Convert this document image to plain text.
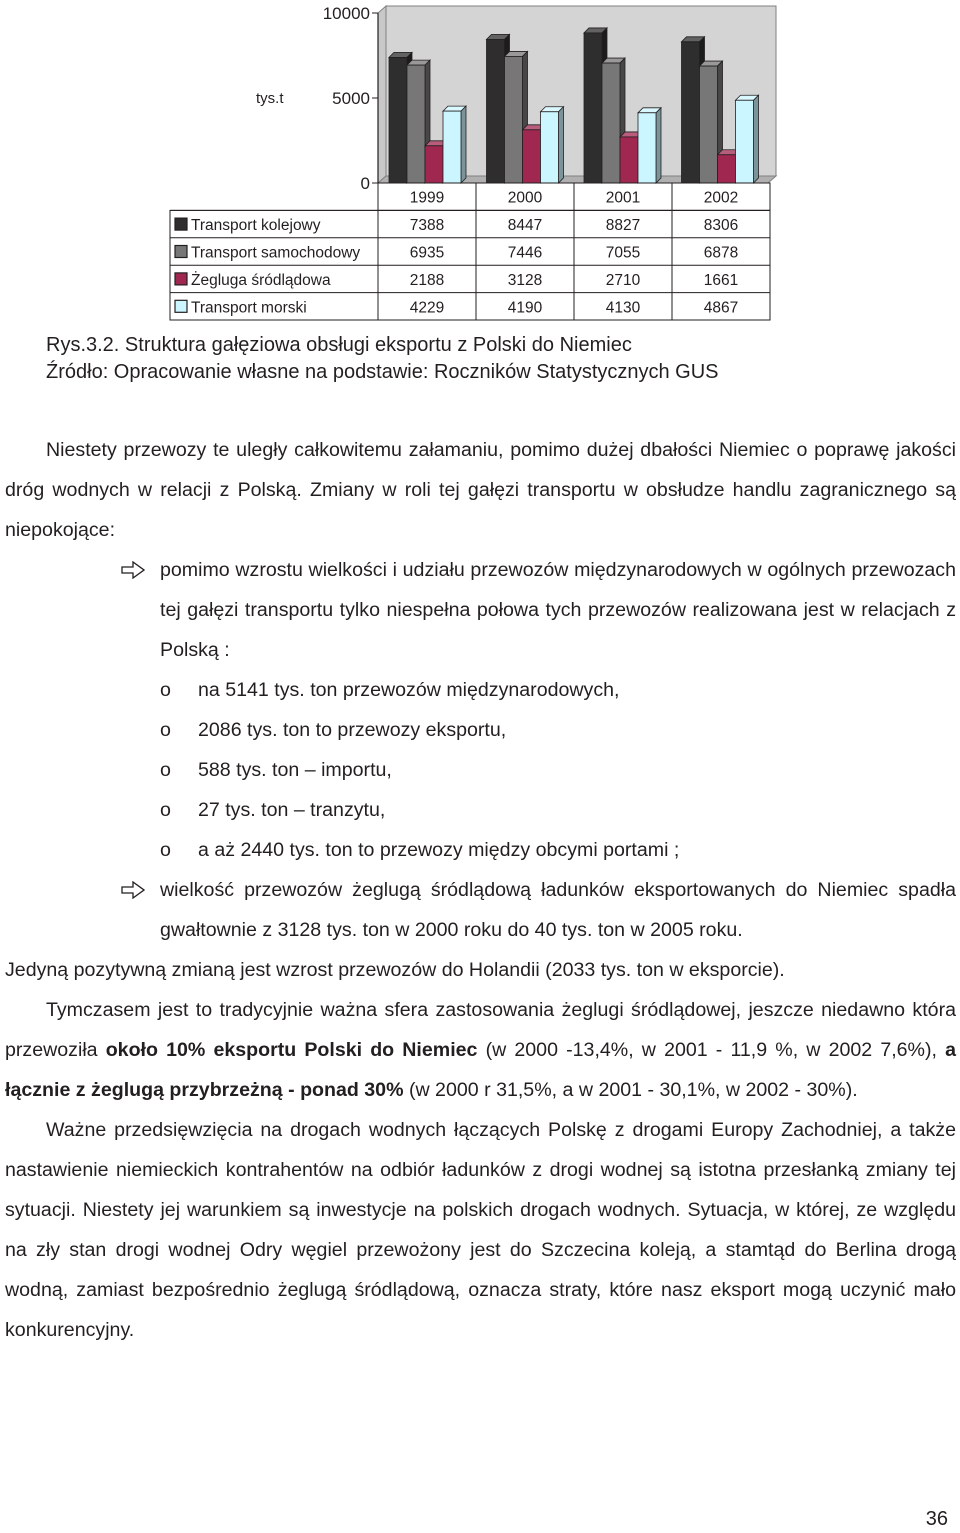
tys.t
10000
5000
0
1999	2000	2001	2002
Transport kolejowy	7388	8447	8827	8306
Transport samochodowy	6935	7446	7055	6878
Żegluga śródlądowa	2188	3128	2710	1661
Transport morski	4229	4190	4130	4867
Rys.3.2. Struktura gałęziowa obsługi eksportu z Polski do Niemiec
Źródło: Opracowanie własne na podstawie: Roczników Statystycznych GUS

Niestety przewozy te uległy całkowitemu załamaniu, pomimo dużej dbałości Niemiec o poprawę jakości dróg wodnych w relacji z Polską. Zmiany w roli tej gałęzi transportu w obsłudze handlu zagranicznego są niepokojące:

pomimo wzrostu wielkości i udziału przewozów międzynarodowych w ogólnych przewozach tej gałęzi transportu tylko niespełna połowa tych przewozów realizowana jest w relacjach z Polską :

o na 5141 tys. ton przewozów międzynarodowych,

o 2086 tys. ton to przewozy eksportu,

o 588 tys. ton – importu,

o 27 tys. ton – tranzytu,

o a aż 2440 tys. ton to przewozy między obcymi portami ;

wielkość przewozów żeglugą śródlądową ładunków eksportowanych do Niemiec spadła gwałtownie z 3128 tys. ton w 2000 roku do 40 tys. ton w 2005 roku.

Jedyną pozytywną zmianą jest wzrost przewozów do Holandii (2033 tys. ton w eksporcie).

Tymczasem jest to tradycyjnie ważna sfera zastosowania żeglugi śródlądowej, jeszcze niedawno która przewoziła około 10% eksportu Polski do Niemiec (w 2000 -13,4%, w 2001 - 11,9 %, w 2002 7,6%), a łącznie z żeglugą przybrzeżną - ponad 30% (w 2000 r 31,5%, a w 2001 - 30,1%, w 2002 - 30%).

Ważne przedsięwzięcia na drogach wodnych łączących Polskę z drogami Europy Zachodniej, a także nastawienie niemieckich kontrahentów na odbiór ładunków z drogi wodnej są istotna przesłanką zmiany tej sytuacji. Niestety jej warunkiem są inwestycje na polskich drogach wodnych. Sytuacja, w której, ze względu na zły stan drogi wodnej Odry węgiel przewożony jest do Szczecina koleją, a stamtąd do Berlina drogą wodną, zamiast bezpośrednio żeglugą śródlądową, oznacza straty, które nasz eksport mogą uczynić mało konkurencyjny.

36
